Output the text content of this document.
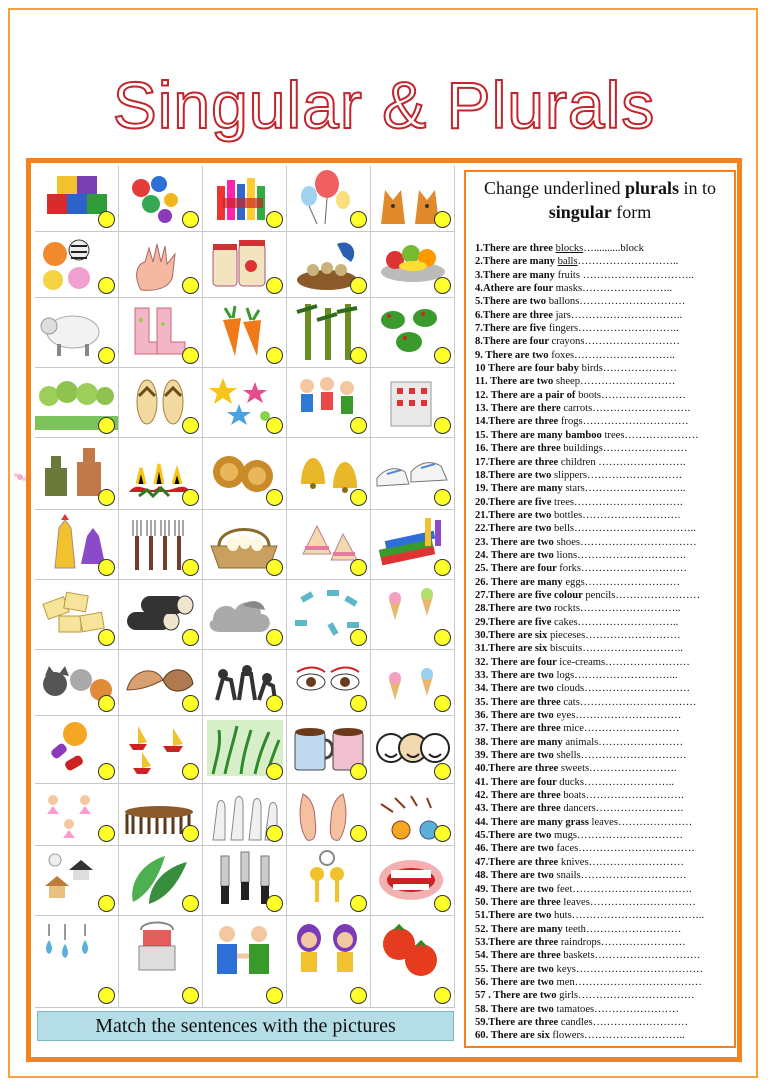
Singular & Plurals
Match the sentences with the pictures
Change underlined plurals in to singular form
1.There are three blocks…..........block
2.There are many balls………………………..
3.There are many fruits …………………………..
4.Athere are four masks……………………..
5.There are two ballons…………………………
6.There are three jars…………………………..
7.There are five fingers………………………..
8.There are four crayons………………………
9. There are two foxes………………………..
10 There are four baby birds…………………
11. There are two sheep………………………
12. There are a pair of boots……………………
13. There are there carrots……………………….
14.There are three frogs…………………………
15. There are many bamboo trees…………………
16. There are three buildings……………………
17.There are three children …………………….
18.There are two slippers………………………
19. There are many stars………………………..
20.There are five trees………………………….
21.There are two bottles……………………….
22.There are two bells……………………………..
23. There are two shoes……………………………
24. There are two lions………………………….
25. There are four forks…………………………
26. There are many eggs………………………
27.There are five colour pencils……………………
28.There are two rockts………………………..
29.There are five cakes………………………..
30.There are six pieceses………………………
31.There are six biscuits………………………..
32. There are four ice-creams……………………
33. There are two logs………………………...
34. There are two clouds…………………………
35. There are three cats……………………………
36. There are two eyes…………………………
37. There are three mice………………………
38. There are many animals……………………
39. There are two shells…………………………
40.There are three sweets…………………….
41. There are four ducks……………………..
42. There are three boats……………………….
43. There are three dancers…………………….
44. There are many grass leaves…………………
45.There are two mugs…………………………
46. There are two faces……………………………
47.There are three knives………………………
48. There are two snails…………………………
49. There are two feet…………………………….
50. There are three leaves…………………………
51.There are two huts………………………………..
52. There are many teeth………………………
53.There are three raindrops……………………
54. There are three baskets…………………………
55. There are two keys………………………………
56. There are two men………………………………
57 . There are two girls……………………………
58. There are two tamatoes……………………
59.There are three candles………………………
60. There are six flowers………………………..
